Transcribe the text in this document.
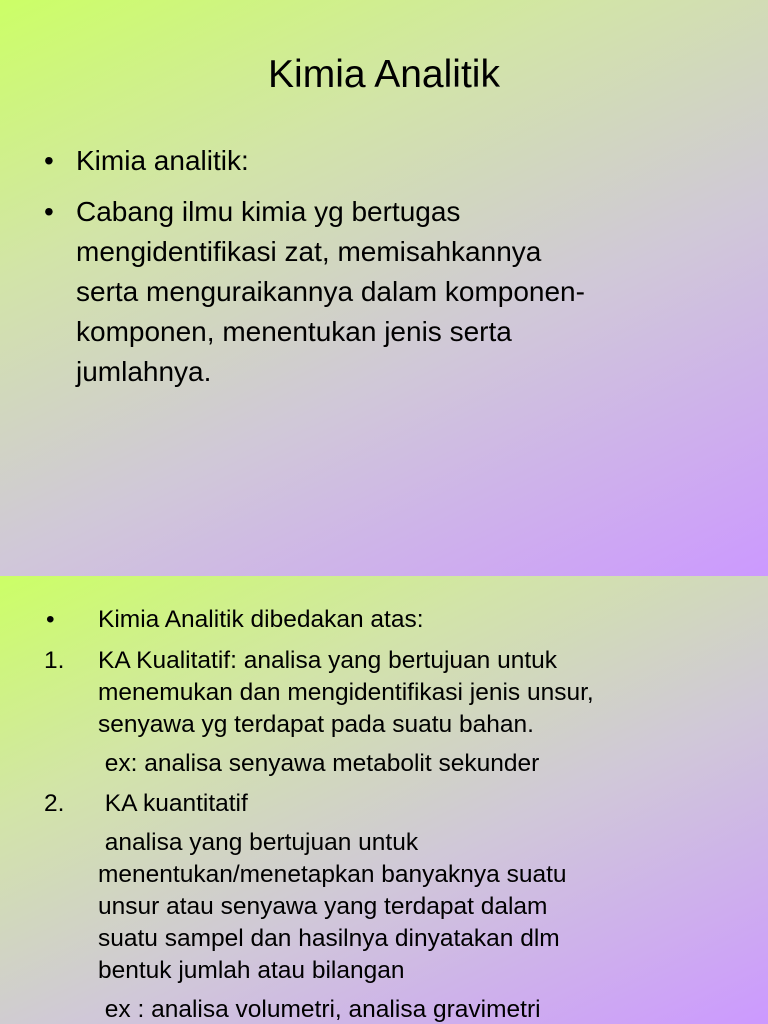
Kimia Analitik
• Kimia analitik:
• Cabang ilmu kimia yg bertugas
mengidentifikasi zat, memisahkannya
serta menguraikannya dalam komponen-
komponen, menentukan jenis serta
jumlahnya.
• Kimia Analitik dibedakan atas:
1. KA Kualitatif: analisa yang bertujuan untuk
menemukan dan mengidentifikasi jenis unsur,
senyawa yg terdapat pada suatu bahan.
ex: analisa senyawa metabolit sekunder
2. KA kuantitatif
analisa yang bertujuan untuk
menentukan/menetapkan banyaknya suatu
unsur atau senyawa yang terdapat dalam
suatu sampel dan hasilnya dinyatakan dlm
bentuk jumlah atau bilangan
ex : analisa volumetri, analisa gravimetri
